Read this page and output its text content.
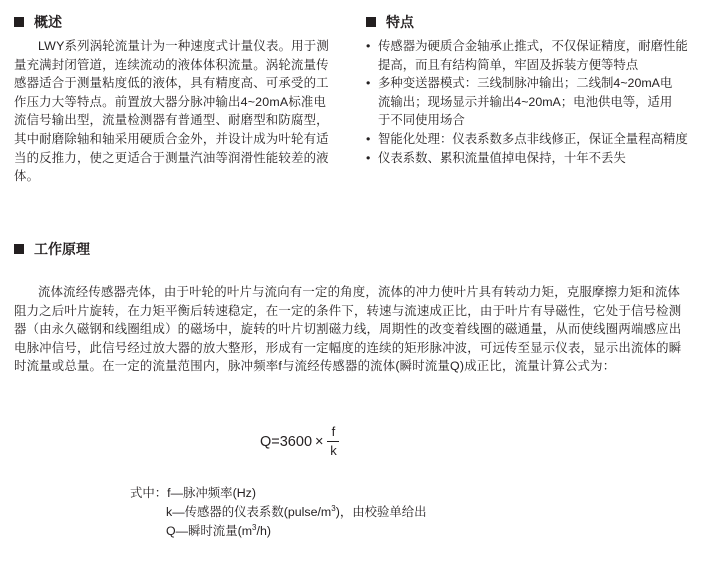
概述
LWY系列涡轮流量计为一种速度式计量仪表。用于测
量充满封闭管道，连续流动的液体体积流量。涡轮流量传
感器适合于测量粘度低的液体，具有精度高、可承受的工
作压力大等特点。前置放大器分脉冲输出4~20mA标准电
流信号输出型，流量检测器有普通型、耐磨型和防腐型，
其中耐磨除轴和轴采用硬质合金外，并设计成为叶轮有适
当的反推力，使之更适合于测量汽油等润滑性能较差的液
体。
特点
• 传感器为硬质合金轴承止推式，不仅保证精度，耐磨性能
提高，而且有结构简单，牢固及拆装方便等特点
• 多种变送器模式：三线制脉冲输出；二线制4~20mA电
流输出；现场显示并输出4~20mA；电池供电等，适用
于不同使用场合
• 智能化处理：仪表系数多点非线修正，保证全量程高精度
• 仪表系数、累积流量值掉电保持，十年不丢失
工作原理
流体流经传感器壳体，由于叶轮的叶片与流向有一定的角度，流体的冲力使叶片具有转动力矩，克服摩擦力矩和流体
阻力之后叶片旋转，在力矩平衡后转速稳定，在一定的条件下，转速与流速成正比，由于叶片有导磁性，它处于信号检测
器（由永久磁钢和线圈组成）的磁场中，旋转的叶片切割磁力线，周期性的改变着线圈的磁通量，从而使线圈两端感应出
电脉冲信号，此信号经过放大器的放大整形，形成有一定幅度的连续的矩形脉冲波，可远传至显示仪表，显示出流体的瞬
时流量或总量。在一定的流量范围内，脉冲频率f与流经传感器的流体(瞬时流量Q)成正比，流量计算公式为：
$Q=3600 \times \frac{f}{k}$
式中：f—脉冲频率(Hz)
k—传感器的仪表系数$(pulse/m^3)$，由校验单给出
Q—瞬时流量$(m^3/h)$
